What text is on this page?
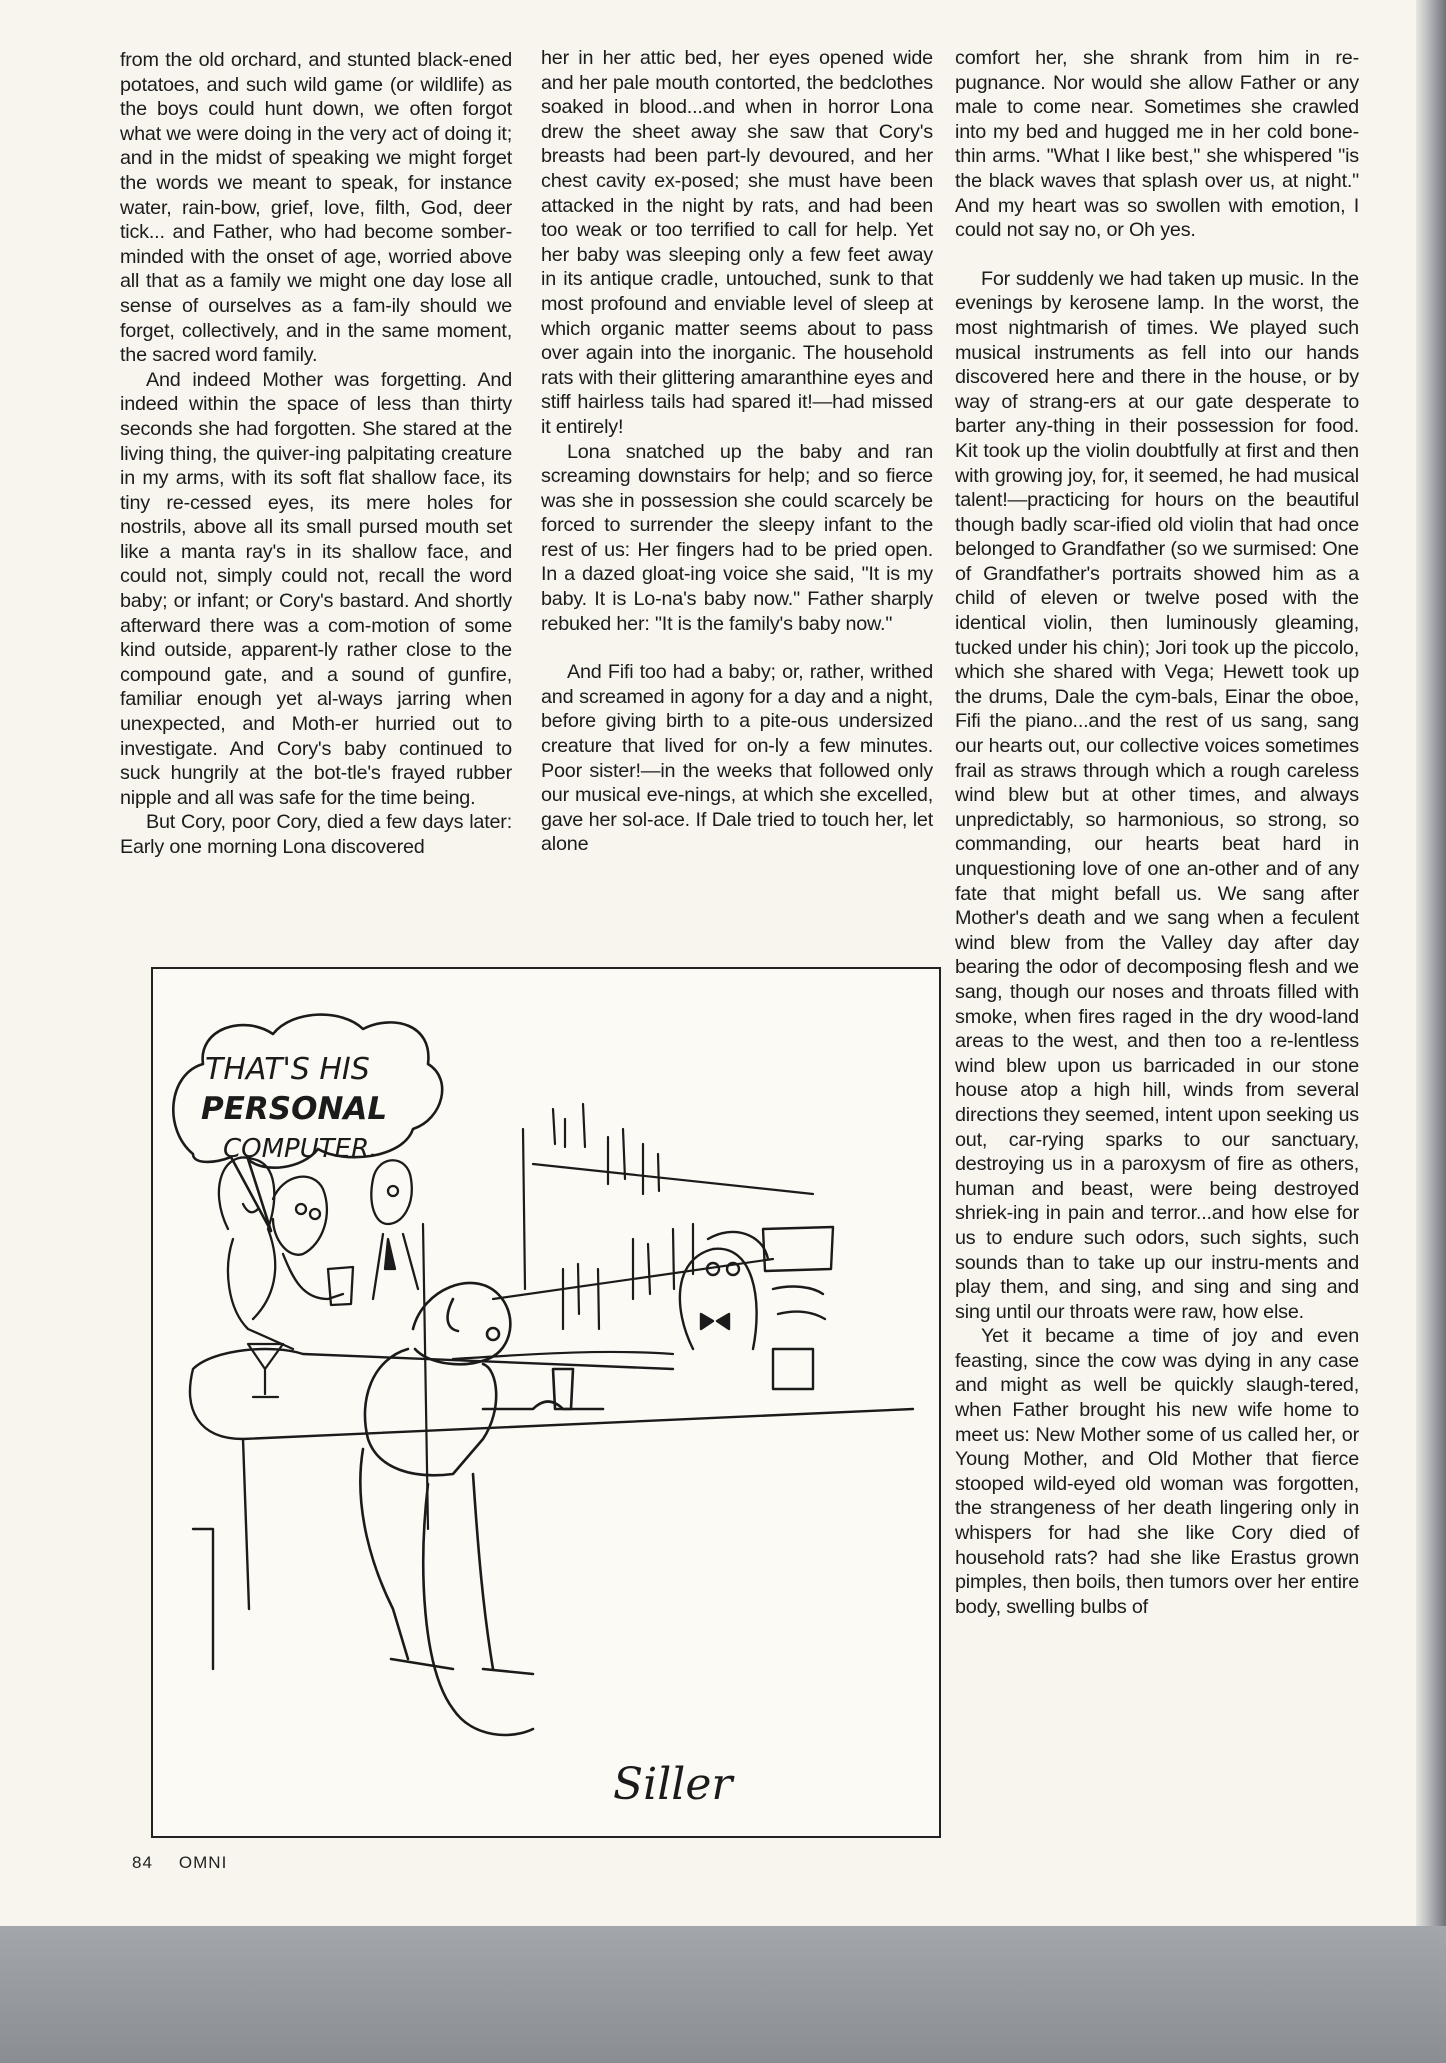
from the old orchard, and stunted black-ened potatoes, and such wild game (or wildlife) as the boys could hunt down, we often forgot what we were doing in the very act of doing it; and in the midst of speaking we might forget the words we meant to speak, for instance water, rain-bow, grief, love, filth, God, deer tick... and Father, who had become somber-minded with the onset of age, worried above all that as a family we might one day lose all sense of ourselves as a fam-ily should we forget, collectively, and in the same moment, the sacred word family.

And indeed Mother was forgetting. And indeed within the space of less than thirty seconds she had forgotten. She stared at the living thing, the quiver-ing palpitating creature in my arms, with its soft flat shallow face, its tiny re-cessed eyes, its mere holes for nostrils, above all its small pursed mouth set like a manta ray's in its shallow face, and could not, simply could not, recall the word baby; or infant; or Cory's bastard. And shortly afterward there was a com-motion of some kind outside, apparent-ly rather close to the compound gate, and a sound of gunfire, familiar enough yet al-ways jarring when unexpected, and Moth-er hurried out to investigate. And Cory's baby continued to suck hungrily at the bot-tle's frayed rubber nipple and all was safe for the time being.

But Cory, poor Cory, died a few days later: Early one morning Lona discovered

her in her attic bed, her eyes opened wide and her pale mouth contorted, the bedclothes soaked in blood...and when in horror Lona drew the sheet away she saw that Cory's breasts had been part-ly devoured, and her chest cavity ex-posed; she must have been attacked in the night by rats, and had been too weak or too terrified to call for help. Yet her baby was sleeping only a few feet away in its antique cradle, untouched, sunk to that most profound and enviable level of sleep at which organic matter seems about to pass over again into the inorganic. The household rats with their glittering amaranthine eyes and stiff hairless tails had spared it!—had missed it entirely!

Lona snatched up the baby and ran screaming downstairs for help; and so fierce was she in possession she could scarcely be forced to surrender the sleepy infant to the rest of us: Her fingers had to be pried open. In a dazed gloat-ing voice she said, "It is my baby. It is Lo-na's baby now." Father sharply rebuked her: "It is the family's baby now."

And Fifi too had a baby; or, rather, writhed and screamed in agony for a day and a night, before giving birth to a pite-ous undersized creature that lived for on-ly a few minutes. Poor sister!—in the weeks that followed only our musical eve-nings, at which she excelled, gave her sol-ace. If Dale tried to touch her, let alone

comfort her, she shrank from him in re-pugnance. Nor would she allow Father or any male to come near. Sometimes she crawled into my bed and hugged me in her cold bone-thin arms. "What I like best," she whispered "is the black waves that splash over us, at night." And my heart was so swollen with emotion, I could not say no, or Oh yes.

For suddenly we had taken up music. In the evenings by kerosene lamp. In the worst, the most nightmarish of times. We played such musical instruments as fell into our hands discovered here and there in the house, or by way of strang-ers at our gate desperate to barter any-thing in their possession for food. Kit took up the violin doubtfully at first and then with growing joy, for, it seemed, he had musical talent!—practicing for hours on the beautiful though badly scar-ified old violin that had once belonged to Grandfather (so we surmised: One of Grandfather's portraits showed him as a child of eleven or twelve posed with the identical violin, then luminously gleaming, tucked under his chin); Jori took up the piccolo, which she shared with Vega; Hewett took up the drums, Dale the cym-bals, Einar the oboe, Fifi the piano...and the rest of us sang, sang our hearts out, our collective voices sometimes frail as straws through which a rough careless wind blew but at other times, and always unpredictably, so harmonious, so strong, so commanding, our hearts beat hard in unquestioning love of one an-other and of any fate that might befall us. We sang after Mother's death and we sang when a feculent wind blew from the Valley day after day bearing the odor of decomposing flesh and we sang, though our noses and throats filled with smoke, when fires raged in the dry wood-land areas to the west, and then too a re-lentless wind blew upon us barricaded in our stone house atop a high hill, winds from several directions they seemed, intent upon seeking us out, car-rying sparks to our sanctuary, destroying us in a paroxysm of fire as others, human and beast, were being destroyed shriek-ing in pain and terror...and how else for us to endure such odors, such sights, such sounds than to take up our instru-ments and play them, and sing, and sing and sing and sing until our throats were raw, how else.

Yet it became a time of joy and even feasting, since the cow was dying in any case and might as well be quickly slaugh-tered, when Father brought his new wife home to meet us: New Mother some of us called her, or Young Mother, and Old Mother that fierce stooped wild-eyed old woman was forgotten, the strangeness of her death lingering only in whispers for had she like Cory died of household rats? had she like Erastus grown pimples, then boils, then tumors over her entire body, swelling bulbs of

THAT'S HIS
PERSONAL
COMPUTER.
Siller
84 OMNI
